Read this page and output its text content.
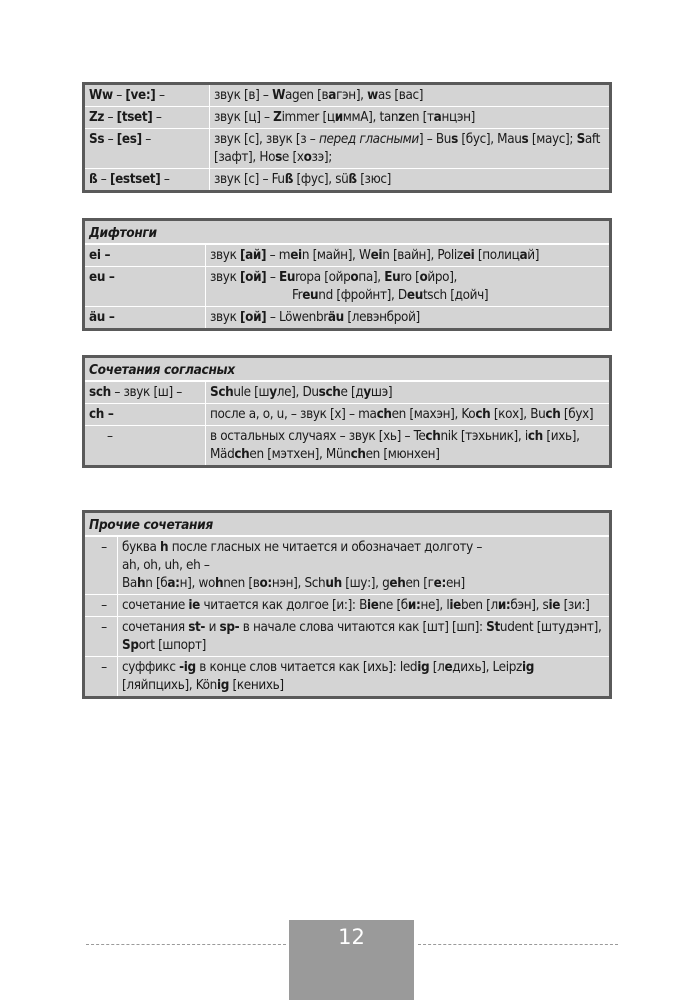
Ww – [ve:] –	звук [в] – Wagen [вагэн], was [вас]
Zz – [tset] –	звук [ц] – Zimmer [циммА], tanzen [танцэн]
Ss – [es] –	звук [с], звук [з – перед гласными] – Bus [бус], Maus [маус]; Saft [зафт], Hose [хозэ];
ß – [estset] –	звук [с] – Fuß [фус], süß [зюс]
Дифтонги	
ei –	звук [ай] – mein [майн], Wein [вайн], Polizei [полицай]
eu –	звук [ой] – Europa [ойропа], Euro [ойро],
Freund [фройнт], Deutsch [дойч]

äu –	звук [ой] – Löwenbräu [левэнброй]
Сочетания согласных	
sch – звук [ш] –	Schule [шуле], Dusche [душэ]
ch –	после a, o, u, – звук [х] – machen [махэн], Koch [кох], Buch [бух]
–	в остальных случаях – звук [хь] – Technik [тэхьник], ich [ихь], Mädchen [мэтхен], München [мюнхен]
Прочие сочетания	
–	буква h после гласных не читается и обозначает долготу –
ah, oh, uh, eh –
Bahn [ба:н], wohnen [во:нэн], Schuh [шу:], gehen [ге:ен]
–	сочетание ie читается как долгое [и:]: Biene [би:не], lieben [ли:бэн], sie [зи:]
–	сочетания st- и sp- в начале слова читаются как [шт] [шп]: Student [штудэнт], Sport [шпорт]
–	суффикс -ig в конце слов читается как [ихь]: ledig [ледихь], Leipzig [ляйпцихь], König [кенихь]
12
